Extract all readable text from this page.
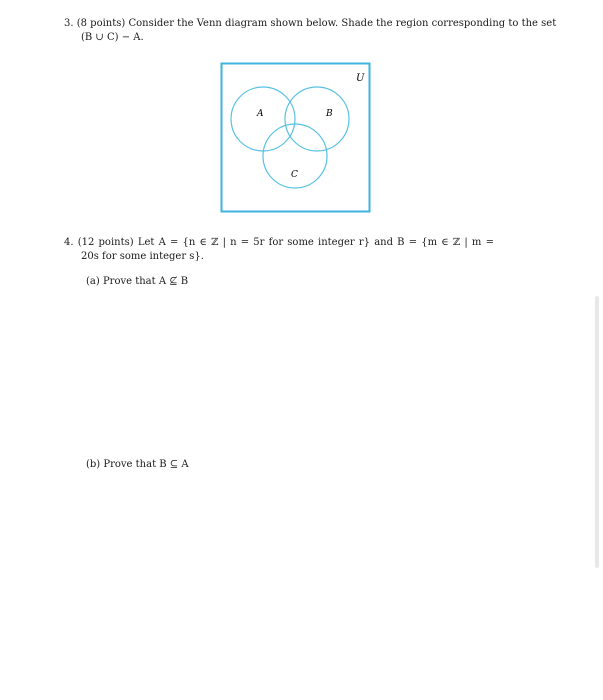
3. (8 points) Consider the Venn diagram shown below. Shade the region corresponding to the set
(B ∪ C) − A.
U
A	B
C
4. (12 points) Let A = {n ∈ ℤ | n = 5r for some integer r} and B = {m ∈ ℤ | m =
20s for some integer s}.
(a) Prove that A ⊈ B
(b) Prove that B ⊆ A
